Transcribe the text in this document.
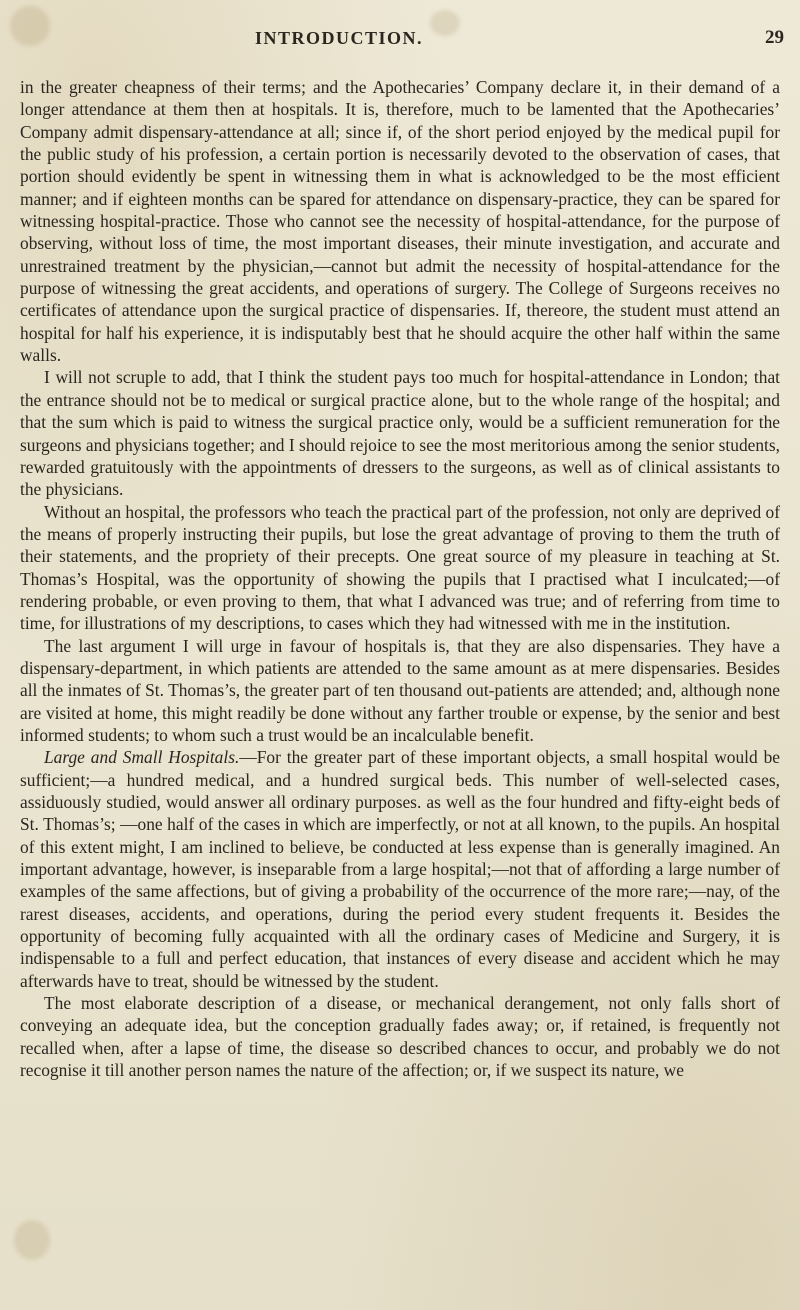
INTRODUCTION.	29

in the greater cheapness of their terms; and the Apothecaries’ Company declare it, in their demand of a longer attendance at them then at hospitals. It is, therefore, much to be lamented that the Apothecaries’ Company admit dispensary-attendance at all; since if, of the short period enjoyed by the medical pupil for the public study of his profession, a certain portion is necessarily devoted to the observation of cases, that portion should evidently be spent in witnessing them in what is acknowledged to be the most efficient manner; and if eighteen months can be spared for attendance on dispensary-practice, they can be spared for witnessing hospital-practice. Those who cannot see the necessity of hospital-attendance, for the purpose of observing, without loss of time, the most important diseases, their minute investigation, and accurate and unrestrained treatment by the physician,—cannot but admit the necessity of hospital-attendance for the purpose of witnessing the great accidents, and operations of surgery. The College of Surgeons receives no certificates of attendance upon the surgical practice of dispensaries. If, thereore, the student must attend an hospital for half his experience, it is indisputably best that he should acquire the other half within the same walls.

I will not scruple to add, that I think the student pays too much for hospital-attendance in London; that the entrance should not be to medical or surgical practice alone, but to the whole range of the hospital; and that the sum which is paid to witness the surgical practice only, would be a sufficient remuneration for the surgeons and physicians together; and I should rejoice to see the most meritorious among the senior students, rewarded gratuitously with the appointments of dressers to the surgeons, as well as of clinical assistants to the physicians.

Without an hospital, the professors who teach the practical part of the profession, not only are deprived of the means of properly instructing their pupils, but lose the great advantage of proving to them the truth of their statements, and the propriety of their precepts. One great source of my pleasure in teaching at St. Thomas’s Hospital, was the opportunity of showing the pupils that I practised what I inculcated;—of rendering probable, or even proving to them, that what I advanced was true; and of referring from time to time, for illustrations of my descriptions, to cases which they had witnessed with me in the institution.

The last argument I will urge in favour of hospitals is, that they are also dispensaries. They have a dispensary-department, in which patients are attended to the same amount as at mere dispensaries. Besides all the inmates of St. Thomas’s, the greater part of ten thousand out-patients are attended; and, although none are visited at home, this might readily be done without any farther trouble or expense, by the senior and best informed students; to whom such a trust would be an incalculable benefit.

Large and Small Hospitals.—For the greater part of these important objects, a small hospital would be sufficient;—a hundred medical, and a hundred surgical beds. This number of well-selected cases, assiduously studied, would answer all ordinary purposes. as well as the four hundred and fifty-eight beds of St. Thomas’s; —one half of the cases in which are imperfectly, or not at all known, to the pupils. An hospital of this extent might, I am inclined to believe, be conducted at less expense than is generally imagined. An important advantage, however, is inseparable from a large hospital;—not that of affording a large number of examples of the same affections, but of giving a probability of the occurrence of the more rare;—nay, of the rarest diseases, accidents, and operations, during the period every student frequents it. Besides the opportunity of becoming fully acquainted with all the ordinary cases of Medicine and Surgery, it is indispensable to a full and perfect education, that instances of every disease and accident which he may afterwards have to treat, should be witnessed by the student.

The most elaborate description of a disease, or mechanical derangement, not only falls short of conveying an adequate idea, but the conception gradually fades away; or, if retained, is frequently not recalled when, after a lapse of time, the disease so described chances to occur, and probably we do not recognise it till another person names the nature of the affection; or, if we suspect its nature, we
